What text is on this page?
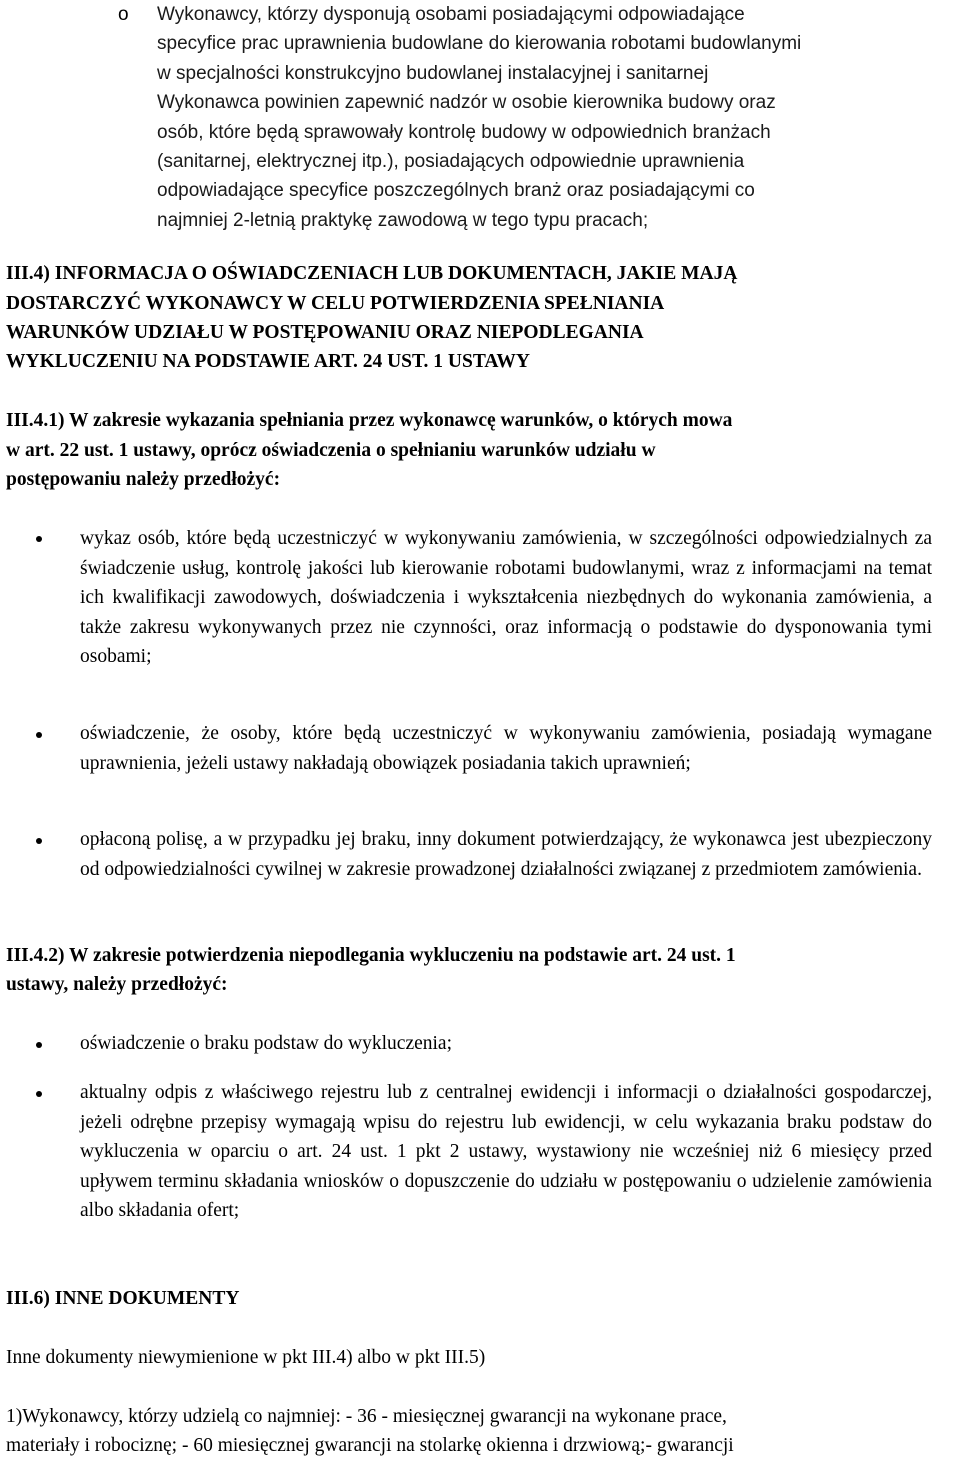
o Wykonawcy, którzy dysponują osobami posiadającymi odpowiadające
specyfice prac uprawnienia budowlane do kierowania robotami budowlanymi
w specjalności konstrukcyjno budowlanej instalacyjnej i sanitarnej
Wykonawca powinien zapewnić nadzór w osobie kierownika budowy oraz
osób, które będą sprawowały kontrolę budowy w odpowiednich branżach
(sanitarnej, elektrycznej itp.), posiadających odpowiednie uprawnienia
odpowiadające specyfice poszczególnych branż oraz posiadającymi co
najmniej 2-letnią praktykę zawodową w tego typu pracach;
III.4) INFORMACJA O OŚWIADCZENIACH LUB DOKUMENTACH, JAKIE MAJĄ
DOSTARCZYĆ WYKONAWCY W CELU POTWIERDZENIA SPEŁNIANIA
WARUNKÓW UDZIAŁU W POSTĘPOWANIU ORAZ NIEPODLEGANIA
WYKLUCZENIU NA PODSTAWIE ART. 24 UST. 1 USTAWY
III.4.1) W zakresie wykazania spełniania przez wykonawcę warunków, o których mowa
w art. 22 ust. 1 ustawy, oprócz oświadczenia o spełnianiu warunków udziału w
postępowaniu należy przedłożyć:

wykaz osób, które będą uczestniczyć w wykonywaniu zamówienia, w szczególności odpowiedzialnych za świadczenie usług, kontrolę jakości lub kierowanie robotami budowlanymi, wraz z informacjami na temat ich kwalifikacji zawodowych, doświadczenia i wykształcenia niezbędnych do wykonania zamówienia, a także zakresu wykonywanych przez nie czynności, oraz informacją o podstawie do dysponowania tymi osobami;

oświadczenie, że osoby, które będą uczestniczyć w wykonywaniu zamówienia, posiadają wymagane uprawnienia, jeżeli ustawy nakładają obowiązek posiadania takich uprawnień;

opłaconą polisę, a w przypadku jej braku, inny dokument potwierdzający, że wykonawca jest ubezpieczony od odpowiedzialności cywilnej w zakresie prowadzonej działalności związanej z przedmiotem zamówienia.

III.4.2) W zakresie potwierdzenia niepodlegania wykluczeniu na podstawie art. 24 ust. 1
ustawy, należy przedłożyć:

oświadczenie o braku podstaw do wykluczenia;

aktualny odpis z właściwego rejestru lub z centralnej ewidencji i informacji o działalności gospodarczej, jeżeli odrębne przepisy wymagają wpisu do rejestru lub ewidencji, w celu wykazania braku podstaw do wykluczenia w oparciu o art. 24 ust. 1 pkt 2 ustawy, wystawiony nie wcześniej niż 6 miesięcy przed upływem terminu składania wniosków o dopuszczenie do udziału w postępowaniu o udzielenie zamówienia albo składania ofert;

III.6) INNE DOKUMENTY
Inne dokumenty niewymienione w pkt III.4) albo w pkt III.5)
1)Wykonawcy, którzy udzielą co najmniej: - 36 - miesięcznej gwarancji na wykonane prace,
materiały i robociznę; - 60 miesięcznej gwarancji na stolarkę okienna i drzwiową;- gwarancji
